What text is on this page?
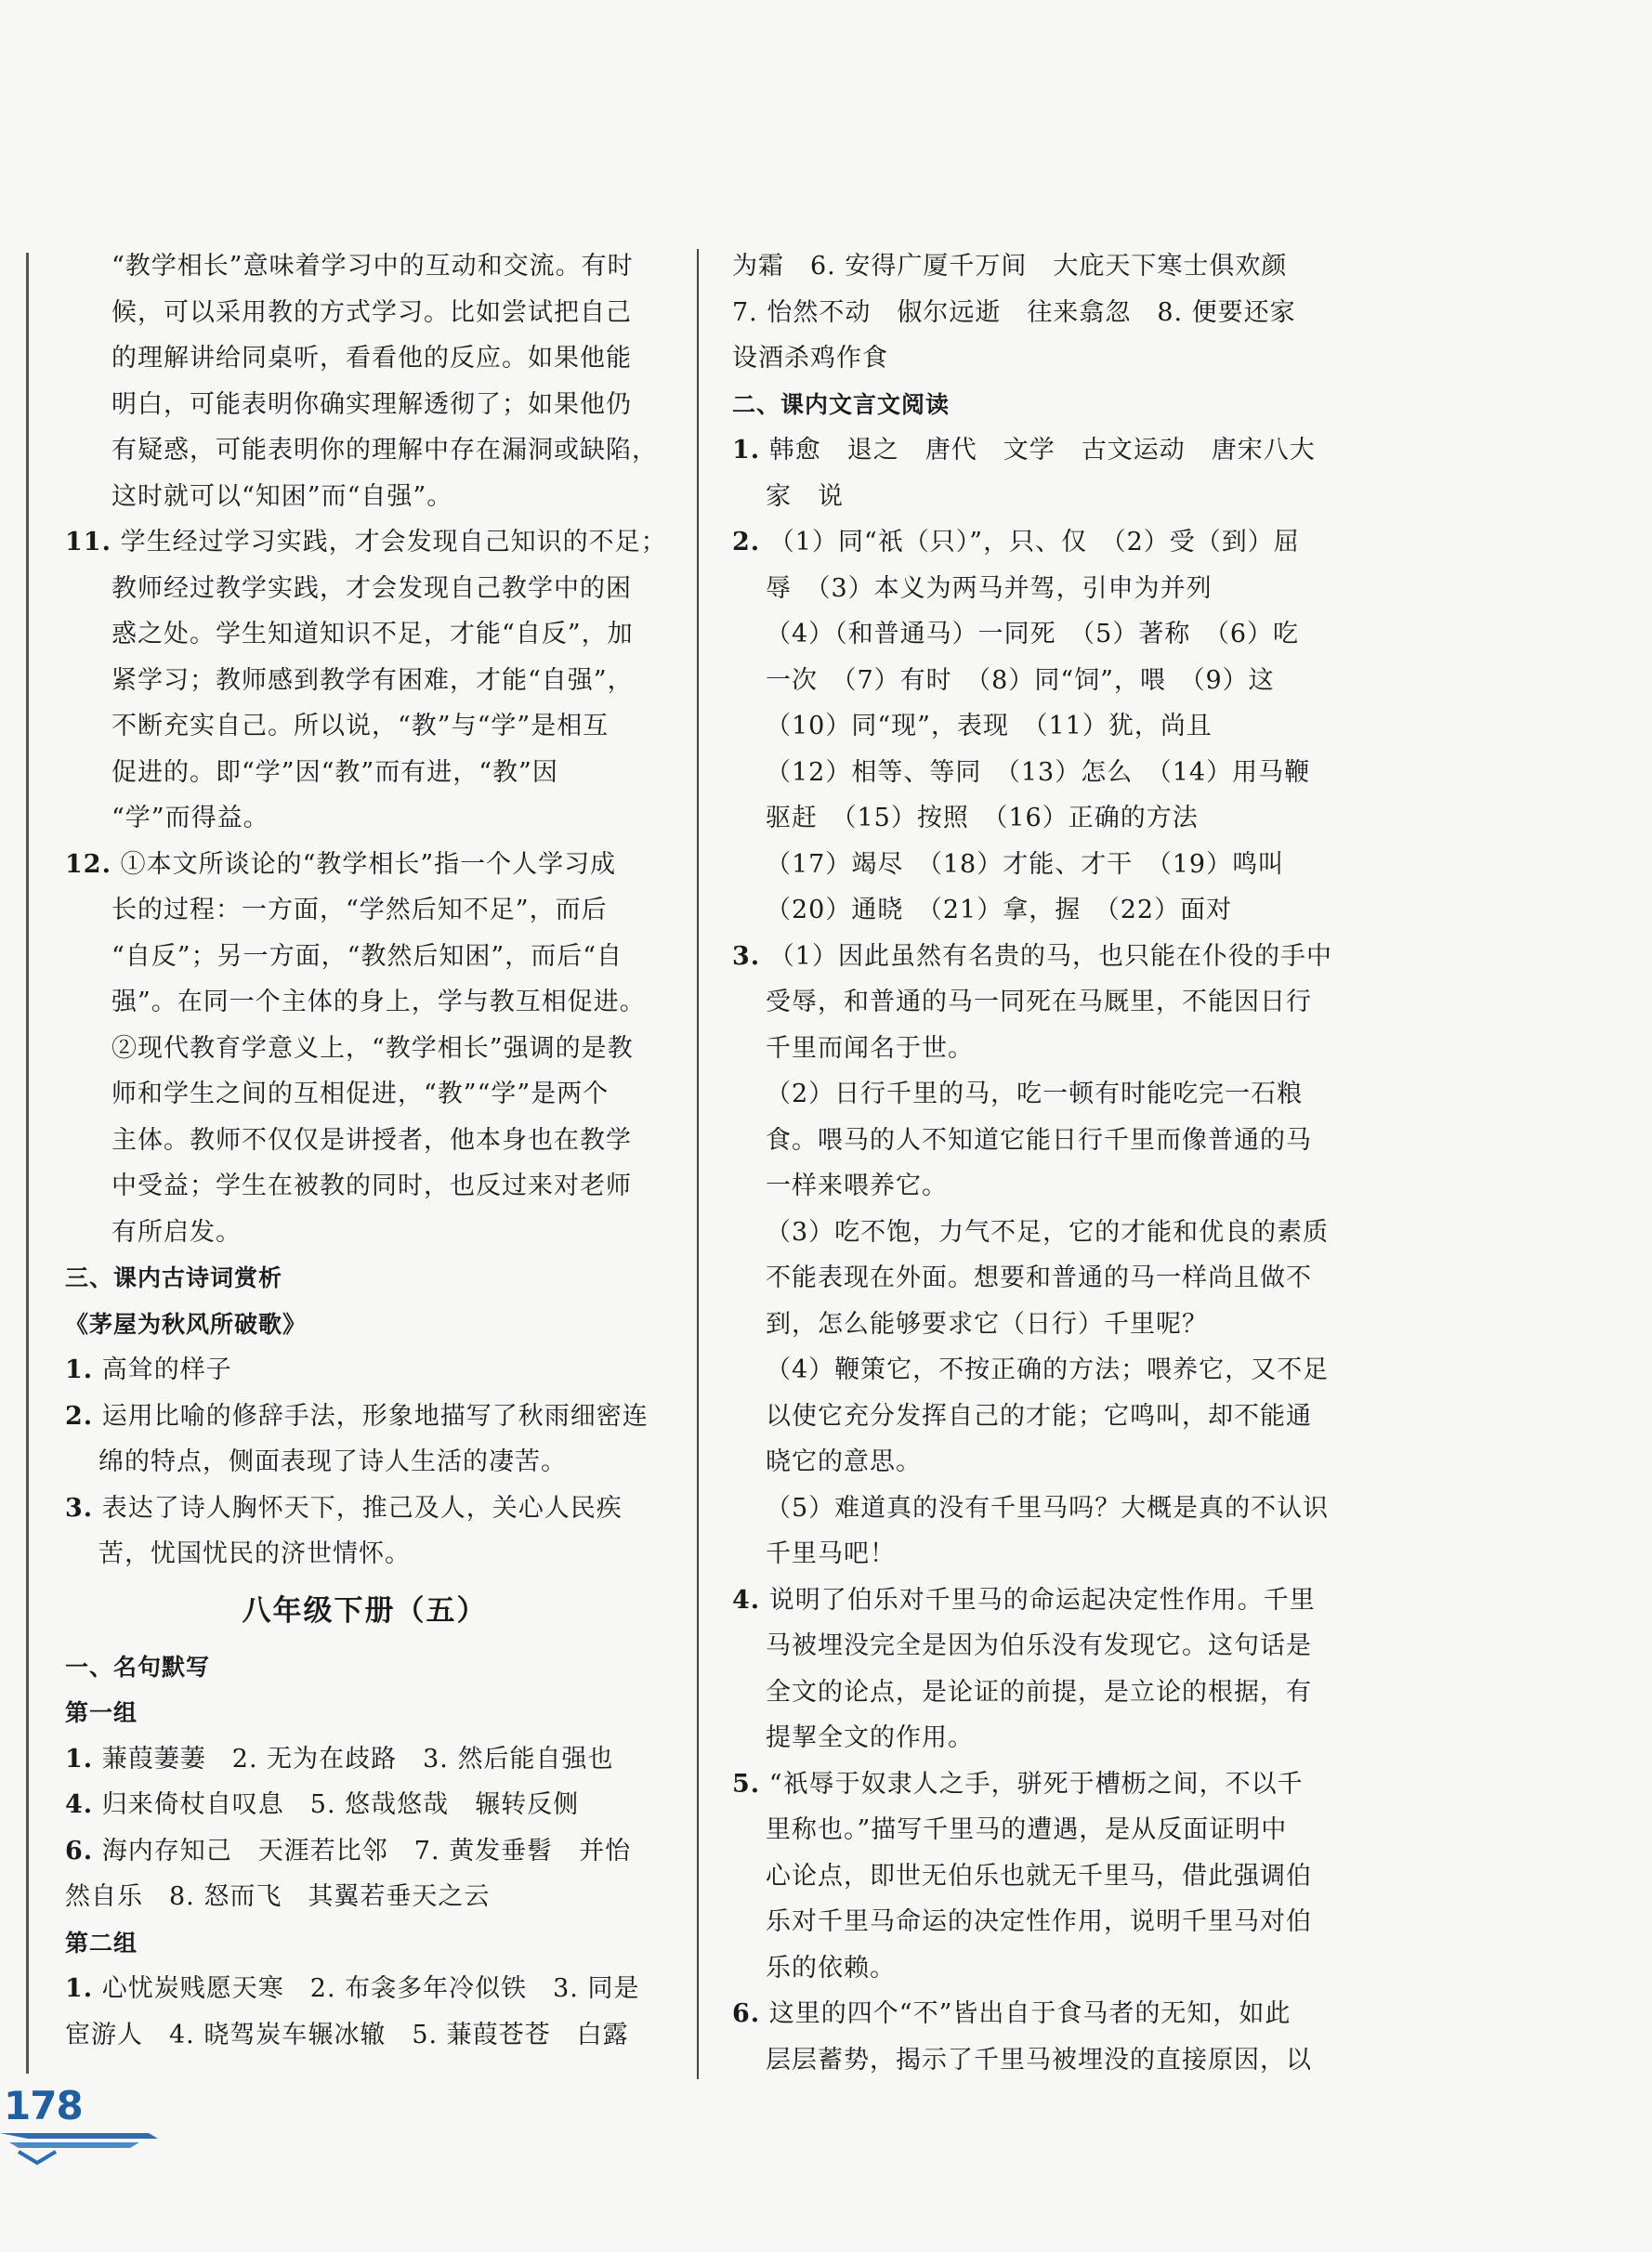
“教学相长”意味着学习中的互动和交流。有时
候，可以采用教的方式学习。比如尝试把自己
的理解讲给同桌听，看看他的反应。如果他能
明白，可能表明你确实理解透彻了；如果他仍
有疑惑，可能表明你的理解中存在漏洞或缺陷，
这时就可以“知困”而“自强”。
11. 学生经过学习实践，才会发现自己知识的不足；
教师经过教学实践，才会发现自己教学中的困
惑之处。学生知道知识不足，才能“自反”，加
紧学习；教师感到教学有困难，才能“自强”，
不断充实自己。所以说，“教”与“学”是相互
促进的。即“学”因“教”而有进，“教”因
“学”而得益。
12. ①本文所谈论的“教学相长”指一个人学习成
长的过程：一方面，“学然后知不足”，而后
“自反”；另一方面，“教然后知困”，而后“自
强”。在同一个主体的身上，学与教互相促进。
②现代教育学意义上，“教学相长”强调的是教
师和学生之间的互相促进，“教”“学”是两个
主体。教师不仅仅是讲授者，他本身也在教学
中受益；学生在被教的同时，也反过来对老师
有所启发。
三、课内古诗词赏析
《茅屋为秋风所破歌》
1. 高耸的样子
2. 运用比喻的修辞手法，形象地描写了秋雨细密连
绵的特点，侧面表现了诗人生活的凄苦。
3. 表达了诗人胸怀天下，推己及人，关心人民疾
苦，忧国忧民的济世情怀。
八年级下册（五）
一、名句默写
第一组
1. 蒹葭萋萋　2. 无为在歧路　3. 然后能自强也
4. 归来倚杖自叹息　5. 悠哉悠哉　辗转反侧
6. 海内存知己　天涯若比邻　7. 黄发垂髫　并怡
然自乐　8. 怒而飞　其翼若垂天之云
第二组
1. 心忧炭贱愿天寒　2. 布衾多年冷似铁　3. 同是
宦游人　4. 晓驾炭车辗冰辙　5. 蒹葭苍苍　白露
为霜　6. 安得广厦千万间　大庇天下寒士俱欢颜
7. 怡然不动　俶尔远逝　往来翕忽　8. 便要还家
设酒杀鸡作食
二、课内文言文阅读
1. 韩愈　退之　唐代　文学　古文运动　唐宋八大
家　说
2. （1）同“祇（只）”，只、仅　（2）受（到）屈
辱　（3）本义为两马并驾，引申为并列
（4）（和普通马）一同死　（5）著称　（6）吃
一次　（7）有时　（8）同“饲”，喂　（9）这
（10）同“现”，表现　（11）犹，尚且
（12）相等、等同　（13）怎么　（14）用马鞭
驱赶　（15）按照　（16）正确的方法
（17）竭尽　（18）才能、才干　（19）鸣叫
（20）通晓　（21）拿，握　（22）面对
3. （1）因此虽然有名贵的马，也只能在仆役的手中
受辱，和普通的马一同死在马厩里，不能因日行
千里而闻名于世。
（2）日行千里的马，吃一顿有时能吃完一石粮
食。喂马的人不知道它能日行千里而像普通的马
一样来喂养它。
（3）吃不饱，力气不足，它的才能和优良的素质
不能表现在外面。想要和普通的马一样尚且做不
到，怎么能够要求它（日行）千里呢？
（4）鞭策它，不按正确的方法；喂养它，又不足
以使它充分发挥自己的才能；它鸣叫，却不能通
晓它的意思。
（5）难道真的没有千里马吗？大概是真的不认识
千里马吧！
4. 说明了伯乐对千里马的命运起决定性作用。千里
马被埋没完全是因为伯乐没有发现它。这句话是
全文的论点，是论证的前提，是立论的根据，有
提挈全文的作用。
5. “祇辱于奴隶人之手，骈死于槽枥之间，不以千
里称也。”描写千里马的遭遇，是从反面证明中
心论点，即世无伯乐也就无千里马，借此强调伯
乐对千里马命运的决定性作用，说明千里马对伯
乐的依赖。
6. 这里的四个“不”皆出自于食马者的无知，如此
层层蓄势，揭示了千里马被埋没的直接原因，以
178
